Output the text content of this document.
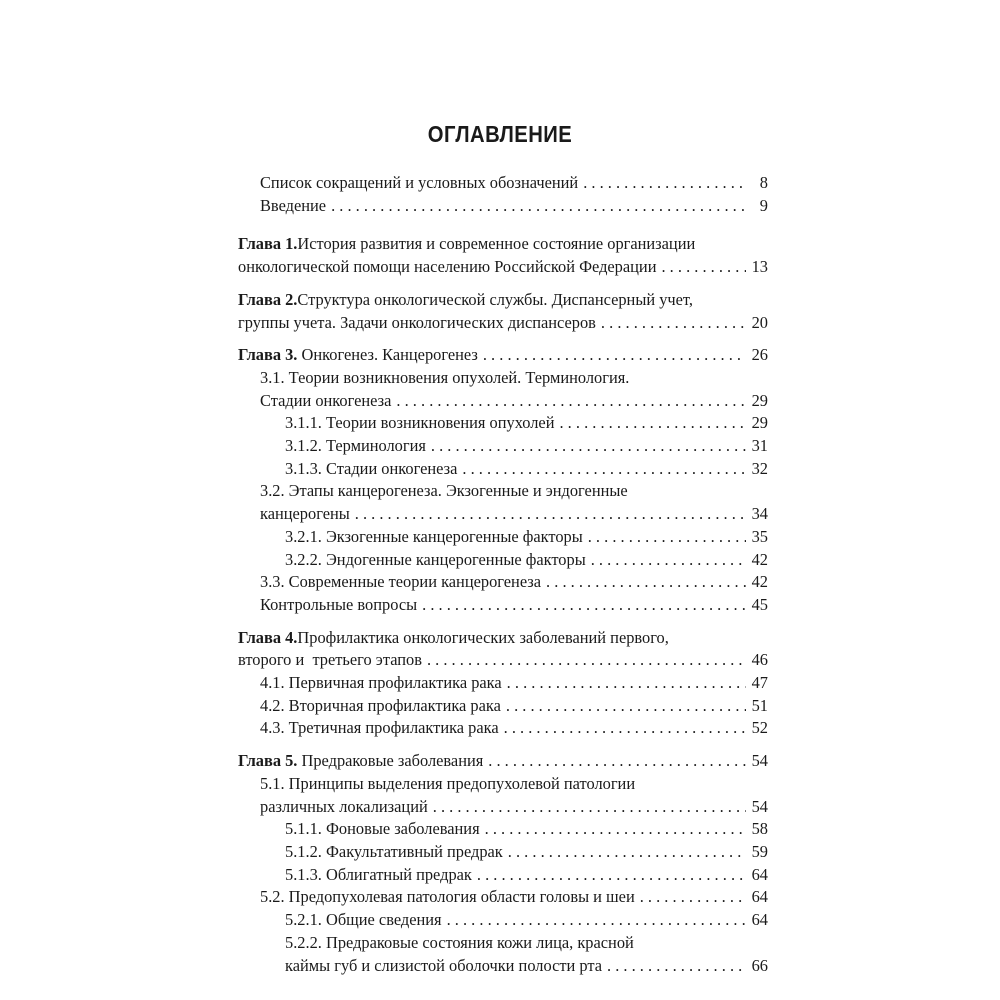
ОГЛАВЛЕНИЕ
Список сокращений и условных обозначений . . .	8
Введение . . .	9
Глава 1. История развития и современное состояние организации
онкологической помощи населению Российской Федерации . . .	13
Глава 2. Структура онкологической службы. Диспансерный учет,
группы учета. Задачи онкологических диспансеров . . .	20
Глава 3. Онкогенез. Канцерогенез . . .	26
3.1. Теории возникновения опухолей. Терминология.
Стадии онкогенеза . . .	29
3.1.1. Теории возникновения опухолей . . .	29
3.1.2. Терминология . . .	31
3.1.3. Стадии онкогенеза . . .	32
3.2. Этапы канцерогенеза. Экзогенные и эндогенные
канцерогены . . .	34
3.2.1. Экзогенные канцерогенные факторы . . .	35
3.2.2. Эндогенные канцерогенные факторы . . .	42
3.3. Современные теории канцерогенеза . . .	42
Контрольные вопросы . . .	45
Глава 4. Профилактика онкологических заболеваний первого,
второго и  третьего этапов . . .	46
4.1. Первичная профилактика рака . . .	47
4.2. Вторичная профилактика рака . . .	51
4.3. Третичная профилактика рака . . .	52
Глава 5. Предраковые заболевания . . .	54
5.1. Принципы выделения предопухолевой патологии
различных локализаций . . .	54
5.1.1. Фоновые заболевания . . .	58
5.1.2. Факультативный предрак . . .	59
5.1.3. Облигатный предрак . . .	64
5.2. Предопухолевая патология области головы и шеи . . .	64
5.2.1. Общие сведения . . .	64
5.2.2. Предраковые состояния кожи лица, красной
каймы губ и слизистой оболочки полости рта . . .	66
